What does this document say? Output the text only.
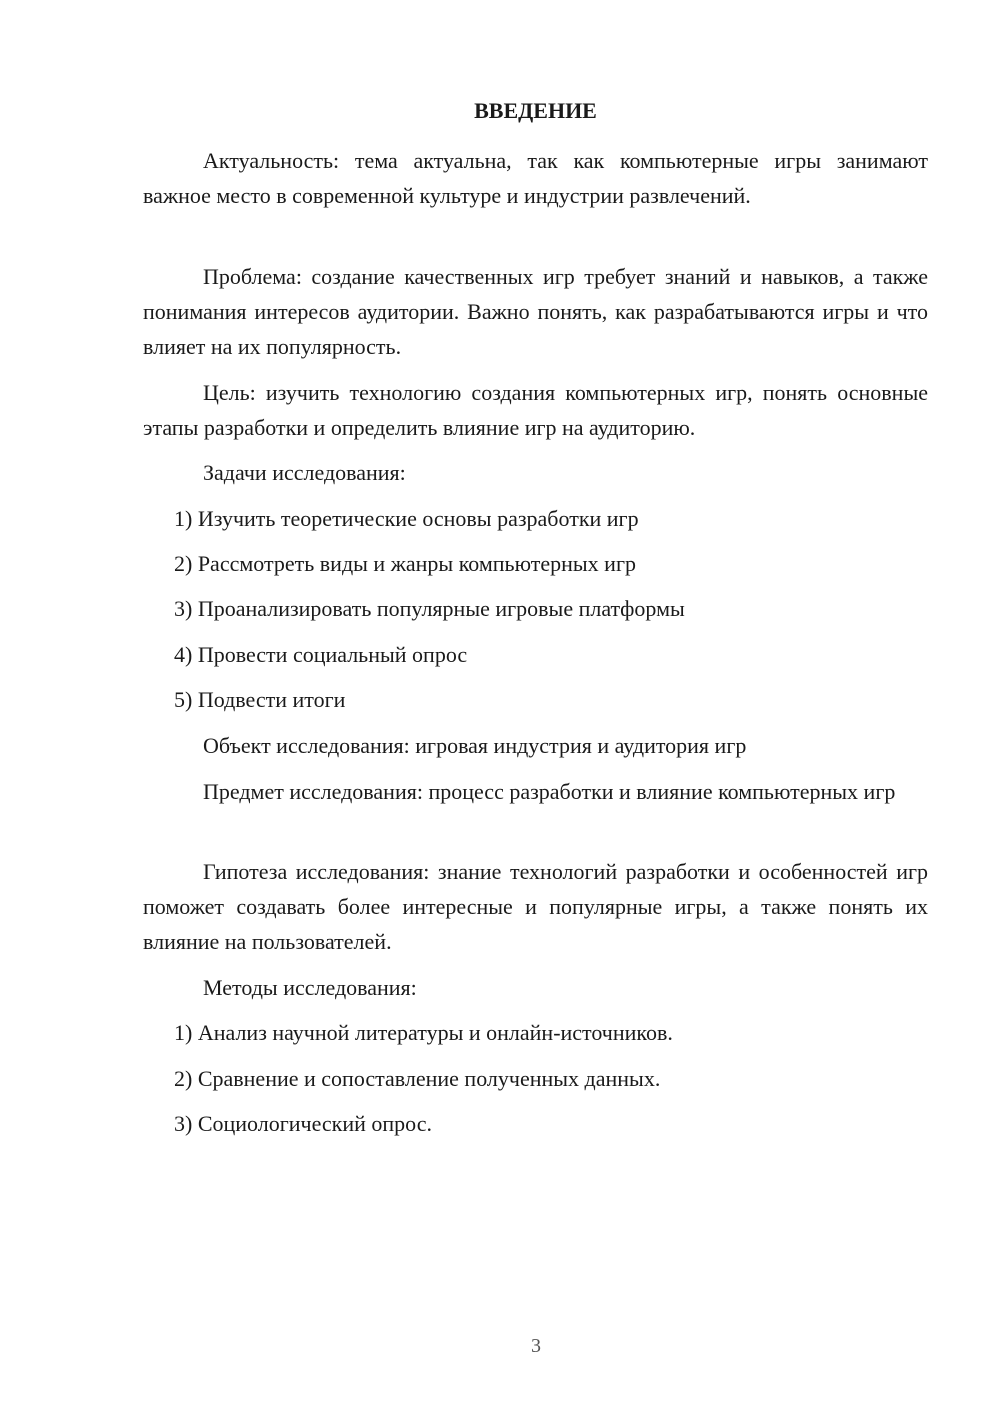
ВВЕДЕНИЕ
Актуальность: тема актуальна, так как компьютерные игры занимают важное место в современной культуре и индустрии развлечений.
Проблема: создание качественных игр требует знаний и навыков, а также понимания интересов аудитории. Важно понять, как разрабатываются игры и что влияет на их популярность.
Цель: изучить технологию создания компьютерных игр, понять основные этапы разработки и определить влияние игр на аудиторию.
Задачи исследования:
1) Изучить теоретические основы разработки игр
2) Рассмотреть виды и жанры компьютерных игр
3) Проанализировать популярные игровые платформы
4) Провести социальный опрос
5) Подвести итоги
Объект исследования: игровая индустрия и аудитория игр
Предмет исследования: процесс разработки и влияние компьютерных игр
Гипотеза исследования: знание технологий разработки и особенностей игр поможет создавать более интересные и популярные игры, а также понять их влияние на пользователей.
Методы исследования:
1) Анализ научной литературы и онлайн-источников.
2) Сравнение и сопоставление полученных данных.
3) Социологический опрос.
3
